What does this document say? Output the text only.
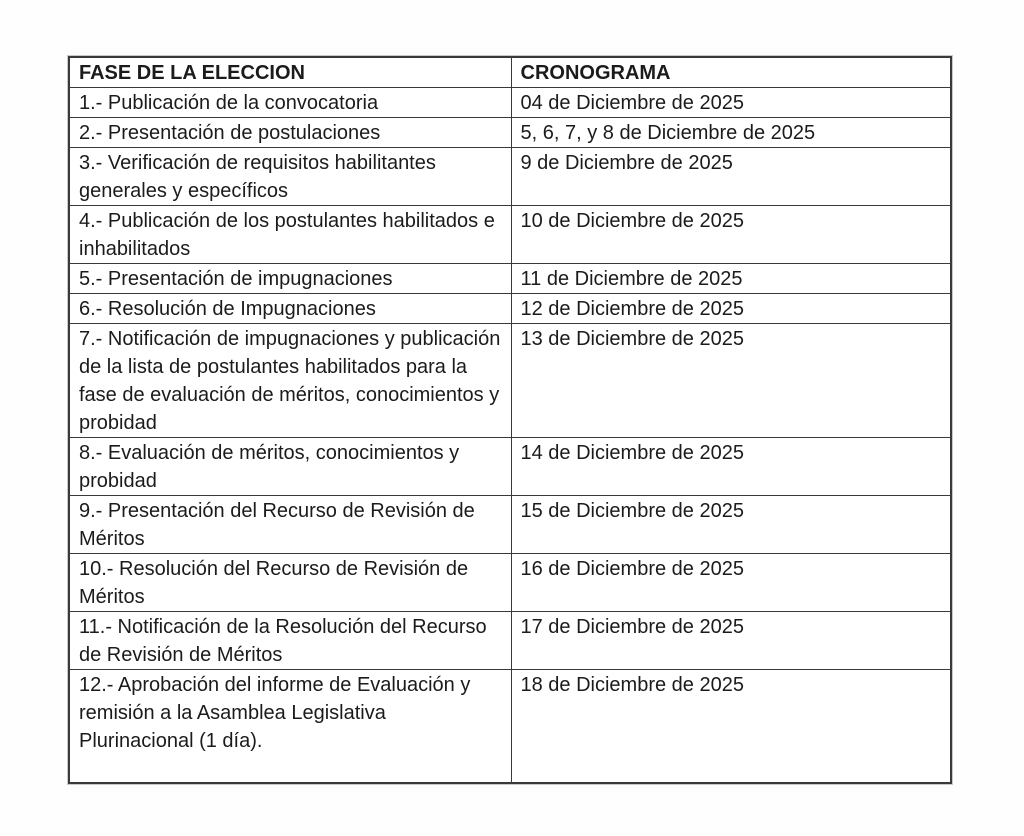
FASE DE LA ELECCION	CRONOGRAMA
1.- Publicación de la convocatoria	04 de Diciembre de 2025
2.- Presentación de postulaciones	5, 6, 7, y 8 de Diciembre de 2025
3.- Verificación de requisitos habilitantes generales y específicos	9 de Diciembre de 2025
4.- Publicación de los postulantes habilitados e inhabilitados	10 de Diciembre de 2025
5.- Presentación de impugnaciones	11 de Diciembre de 2025
6.- Resolución de Impugnaciones	12 de Diciembre de 2025
7.- Notificación de impugnaciones y publicación de la lista de postulantes habilitados para la fase de evaluación de méritos, conocimientos y probidad	13 de Diciembre de 2025
8.- Evaluación de méritos, conocimientos y probidad	14 de Diciembre de 2025
9.- Presentación del Recurso de Revisión de Méritos	15 de Diciembre de 2025
10.- Resolución del Recurso de Revisión de Méritos	16 de Diciembre de 2025
11.- Notificación de la Resolución del Recurso de Revisión de Méritos	17 de Diciembre de 2025
12.- Aprobación del informe de Evaluación y remisión a la Asamblea Legislativa Plurinacional (1 día).	18 de Diciembre de 2025
